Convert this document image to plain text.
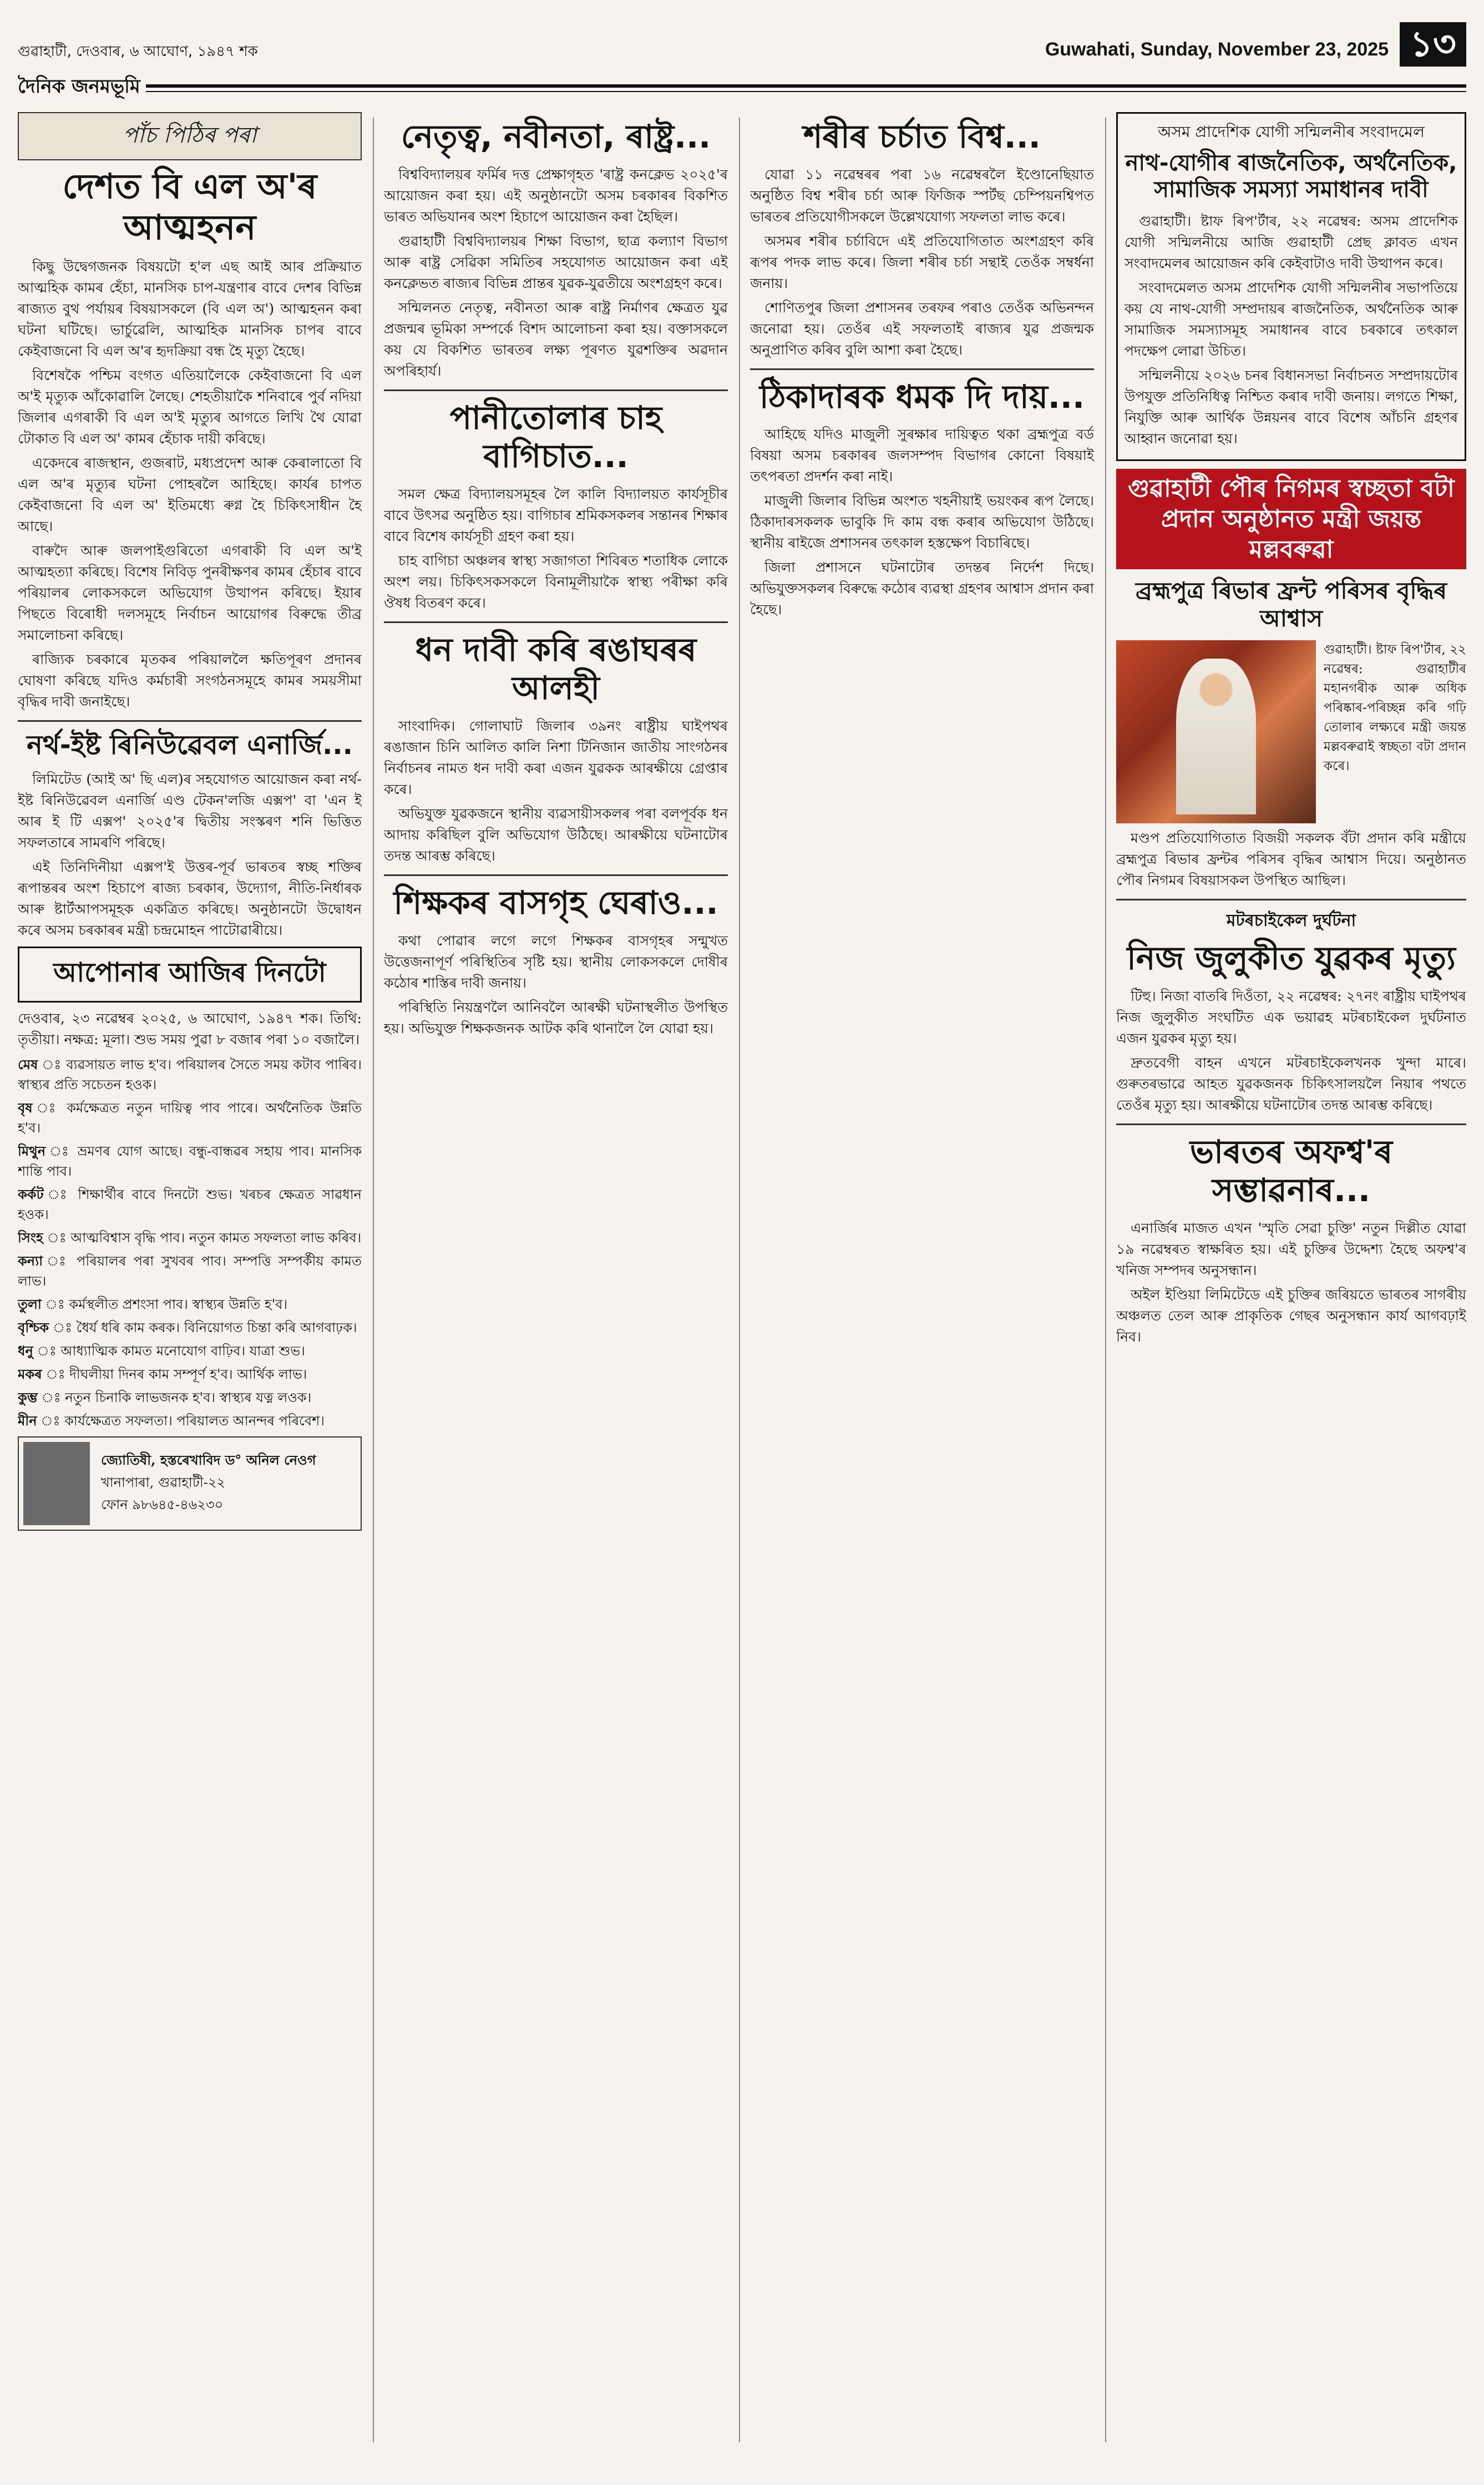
গুৱাহাটী, দেওবাৰ, ৬ আঘোণ, ১৯৪৭ শক	Guwahati, Sunday, November 23, 2025 ১৩
দৈনিক জনমভূমি
পাঁচ পিঠিৰ পৰা
দেশত বি এল অ'ৰ আত্মহনন

কিছু উদ্বেগজনক বিষয়টো হ'ল এছ আই আৰ প্ৰক্ৰিয়াত আত্মহিক কামৰ হেঁচা, মানসিক চাপ-যন্ত্ৰণাৰ বাবে দেশৰ বিভিন্ন ৰাজ্যত বুথ পৰ্যায়ৰ বিষয়াসকলে (বি এল অ') আত্মহনন কৰা ঘটনা ঘটিছে। ভাৰ্চুৱেলি, আত্মহিক মানসিক চাপৰ বাবে কেইবাজনো বি এল অ'ৰ হৃদক্ৰিয়া বন্ধ হৈ মৃত্যু হৈছে।

বিশেষকৈ পশ্চিম বংগত এতিয়ালৈকে কেইবাজনো বি এল অ'ই মৃত্যুক আঁকোৱালি লৈছে। শেহতীয়াকৈ শনিবাৰে পুৰ্ব নদিয়া জিলাৰ এগৰাকী বি এল অ'ই মৃত্যুৰ আগতে লিখি থৈ যোৱা টোকাত বি এল অ' কামৰ হেঁচাক দায়ী কৰিছে।

একেদৰে ৰাজস্থান, গুজৰাট, মধ্যপ্ৰদেশ আৰু কেৰালাতো বি এল অ'ৰ মৃত্যুৰ ঘটনা পোহৰলৈ আহিছে। কাৰ্যৰ চাপত কেইবাজনো বি এল অ' ইতিমধ্যে ৰুগ্ন হৈ চিকিৎসাধীন হৈ আছে।

বাৰুদৈ আৰু জলপাইগুৰিতো এগৰাকী বি এল অ'ই আত্মহত্যা কৰিছে। বিশেষ নিবিড় পুনৰীক্ষণৰ কামৰ হেঁচাৰ বাবে পৰিয়ালৰ লোকসকলে অভিযোগ উত্থাপন কৰিছে। ইয়াৰ পিছতে বিৰোধী দলসমূহে নিৰ্বাচন আয়োগৰ বিৰুদ্ধে তীব্ৰ সমালোচনা কৰিছে।

ৰাজ্যিক চৰকাৰে মৃতকৰ পৰিয়াললৈ ক্ষতিপূৰণ প্ৰদানৰ ঘোষণা কৰিছে যদিও কৰ্মচাৰী সংগঠনসমূহে কামৰ সময়সীমা বৃদ্ধিৰ দাবী জনাইছে।

নৰ্থ-ইষ্ট ৰিনিউৱেবল এনাৰ্জি...

লিমিটেড (আই অ' ছি এল)ৰ সহযোগত আয়োজন কৰা নৰ্থ-ইষ্ট ৰিনিউৱেবল এনাৰ্জি এণ্ড টেকন'লজি এক্সপ' বা 'এন ই আৰ ই টি এক্সপ' ২০২৫'ৰ দ্বিতীয় সংস্কৰণ শনি ভিত্তিত সফলতাৰে সামৰণি পৰিছে।

এই তিনিদিনীয়া এক্সপ'ই উত্তৰ-পূৰ্ব ভাৰতৰ স্বচ্ছ শক্তিৰ ৰূপান্তৰৰ অংশ হিচাপে ৰাজ্য চৰকাৰ, উদ্যোগ, নীতি-নিৰ্ধাৰক আৰু ষ্টাৰ্টআপসমূহক একত্ৰিত কৰিছে। অনুষ্ঠানটো উদ্বোধন কৰে অসম চৰকাৰৰ মন্ত্ৰী চন্দ্ৰমোহন পাটোৱাৰীয়ে।

আপোনাৰ আজিৰ দিনটো
দেওবাৰ, ২৩ নৱেম্বৰ ২০২৫, ৬ আঘোণ, ১৯৪৭ শক। তিথি: তৃতীয়া। নক্ষত্ৰ: মূলা। শুভ সময় পুৱা ৮ বজাৰ পৰা ১০ বজালৈ।
মেষ ঃ ব্যৱসায়ত লাভ হ'ব। পৰিয়ালৰ সৈতে সময় কটাব পাৰিব। স্বাস্থ্যৰ প্ৰতি সচেতন হওক।
বৃষ ঃ কৰ্মক্ষেত্ৰত নতুন দায়িত্ব পাব পাৰে। অৰ্থনৈতিক উন্নতি হ'ব।
মিথুন ঃ ভ্ৰমণৰ যোগ আছে। বন্ধু-বান্ধৱৰ সহায় পাব। মানসিক শান্তি পাব।
কৰ্কট ঃ শিক্ষাৰ্থীৰ বাবে দিনটো শুভ। খৰচৰ ক্ষেত্ৰত সাৱধান হওক।
সিংহ ঃ আত্মবিশ্বাস বৃদ্ধি পাব। নতুন কামত সফলতা লাভ কৰিব।
কন্যা ঃ পৰিয়ালৰ পৰা সুখবৰ পাব। সম্পত্তি সম্পৰ্কীয় কামত লাভ।
তুলা ঃ কৰ্মস্থলীত প্ৰশংসা পাব। স্বাস্থ্যৰ উন্নতি হ'ব।
বৃশ্চিক ঃ ধৈৰ্য ধৰি কাম কৰক। বিনিয়োগত চিন্তা কৰি আগবাঢ়ক।
ধনু ঃ আধ্যাত্মিক কামত মনোযোগ বাঢ়িব। যাত্ৰা শুভ।
মকৰ ঃ দীঘলীয়া দিনৰ কাম সম্পূৰ্ণ হ'ব। আৰ্থিক লাভ।
কুম্ভ ঃ নতুন চিনাকি লাভজনক হ'ব। স্বাস্থ্যৰ যত্ন লওক।
মীন ঃ কাৰ্যক্ষেত্ৰত সফলতা। পৰিয়ালত আনন্দৰ পৰিবেশ।
জ্যোতিষী, হস্তৰেখাবিদ ড° অনিল নেওগ
খানাপাৰা, গুৱাহাটী-২২
ফোন ৯৮৬৪৫-৪৬২৩০
নেতৃত্ব, নবীনতা, ৰাষ্ট্ৰ...

বিশ্ববিদ্যালয়ৰ ফৰ্মিৰ দত্ত প্ৰেক্ষাগৃহত 'ৰাষ্ট্ৰ কনক্লেভ ২০২৫'ৰ আয়োজন কৰা হয়। এই অনুষ্ঠানটো অসম চৰকাৰৰ বিকশিত ভাৰত অভিযানৰ অংশ হিচাপে আয়োজন কৰা হৈছিল।

গুৱাহাটী বিশ্ববিদ্যালয়ৰ শিক্ষা বিভাগ, ছাত্ৰ কল্যাণ বিভাগ আৰু ৰাষ্ট্ৰ সেৱিকা সমিতিৰ সহযোগত আয়োজন কৰা এই কনক্লেভত ৰাজ্যৰ বিভিন্ন প্ৰান্তৰ যুৱক-যুৱতীয়ে অংশগ্ৰহণ কৰে।

সন্মিলনত নেতৃত্ব, নবীনতা আৰু ৰাষ্ট্ৰ নিৰ্মাণৰ ক্ষেত্ৰত যুৱ প্ৰজন্মৰ ভূমিকা সম্পৰ্কে বিশদ আলোচনা কৰা হয়। বক্তাসকলে কয় যে বিকশিত ভাৰতৰ লক্ষ্য পূৰণত যুৱশক্তিৰ অৱদান অপৰিহাৰ্য।

পানীতোলাৰ চাহ বাগিচাত...

সমল ক্ষেত্ৰ বিদ্যালয়সমূহৰ লৈ কালি বিদ্যালয়ত কাৰ্যসূচীৰ বাবে উৎসৱ অনুষ্ঠিত হয়। বাগিচাৰ শ্ৰমিকসকলৰ সন্তানৰ শিক্ষাৰ বাবে বিশেষ কাৰ্যসূচী গ্ৰহণ কৰা হয়।

চাহ বাগিচা অঞ্চলৰ স্বাস্থ্য সজাগতা শিবিৰত শতাধিক লোকে অংশ লয়। চিকিৎসকসকলে বিনামূলীয়াকৈ স্বাস্থ্য পৰীক্ষা কৰি ঔষধ বিতৰণ কৰে।

ধন দাবী কৰি ৰঙাঘৰৰ আলহী

সাংবাদিক। গোলাঘাট জিলাৰ ৩৯নং ৰাষ্ট্ৰীয় ঘাইপথৰ ৰঙাজান চিনি আলিত কালি নিশা টিনিজান জাতীয় সাংগঠনৰ নিৰ্বাচনৰ নামত ধন দাবী কৰা এজন যুৱকক আৰক্ষীয়ে গ্ৰেপ্তাৰ কৰে।

অভিযুক্ত যুৱকজনে স্থানীয় ব্যৱসায়ীসকলৰ পৰা বলপূৰ্বক ধন আদায় কৰিছিল বুলি অভিযোগ উঠিছে। আৰক্ষীয়ে ঘটনাটোৰ তদন্ত আৰম্ভ কৰিছে।

শিক্ষকৰ বাসগৃহ ঘেৰাও...

কথা পোৱাৰ লগে লগে শিক্ষকৰ বাসগৃহৰ সন্মুখত উত্তেজনাপূৰ্ণ পৰিস্থিতিৰ সৃষ্টি হয়। স্থানীয় লোকসকলে দোষীৰ কঠোৰ শাস্তিৰ দাবী জনায়।

পৰিস্থিতি নিয়ন্ত্ৰণলৈ আনিবলৈ আৰক্ষী ঘটনাস্থলীত উপস্থিত হয়। অভিযুক্ত শিক্ষকজনক আটক কৰি থানালৈ লৈ যোৱা হয়।

শৰীৰ চৰ্চাত বিশ্ব...

যোৱা ১১ নৱেম্বৰৰ পৰা ১৬ নৱেম্বৰলৈ ইণ্ডোনেছিয়াত অনুষ্ঠিত বিশ্ব শৰীৰ চৰ্চা আৰু ফিজিক স্পৰ্টছ চেম্পিয়নশ্বিপত ভাৰতৰ প্ৰতিযোগীসকলে উল্লেখযোগ্য সফলতা লাভ কৰে।

অসমৰ শৰীৰ চৰ্চাবিদে এই প্ৰতিযোগিতাত অংশগ্ৰহণ কৰি ৰূপৰ পদক লাভ কৰে। জিলা শৰীৰ চৰ্চা সন্থাই তেওঁক সম্বৰ্ধনা জনায়।

শোণিতপুৰ জিলা প্ৰশাসনৰ তৰফৰ পৰাও তেওঁক অভিনন্দন জনোৱা হয়। তেওঁৰ এই সফলতাই ৰাজ্যৰ যুৱ প্ৰজন্মক অনুপ্ৰাণিত কৰিব বুলি আশা কৰা হৈছে।

ঠিকাদাৰক ধমক দি দায়...

আহিছে যদিও মাজুলী সুৰক্ষাৰ দায়িত্বত থকা ব্ৰহ্মপুত্ৰ বৰ্ড বিষয়া অসম চৰকাৰৰ জলসম্পদ বিভাগৰ কোনো বিষয়াই তৎপৰতা প্ৰদৰ্শন কৰা নাই।

মাজুলী জিলাৰ বিভিন্ন অংশত খহনীয়াই ভয়ংকৰ ৰূপ লৈছে। ঠিকাদাৰসকলক ভাবুকি দি কাম বন্ধ কৰাৰ অভিযোগ উঠিছে। স্থানীয় ৰাইজে প্ৰশাসনৰ তৎকাল হস্তক্ষেপ বিচাৰিছে।

জিলা প্ৰশাসনে ঘটনাটোৰ তদন্তৰ নিৰ্দেশ দিছে। অভিযুক্তসকলৰ বিৰুদ্ধে কঠোৰ ব্যৱস্থা গ্ৰহণৰ আশ্বাস প্ৰদান কৰা হৈছে।

অসম প্ৰাদেশিক যোগী সন্মিলনীৰ সংবাদমেল
নাথ-যোগীৰ ৰাজনৈতিক, অৰ্থনৈতিক, সামাজিক সমস্যা সমাধানৰ দাবী

গুৱাহাটী। ষ্টাফ ৰিপ'ৰ্টাৰ, ২২ নৱেম্বৰ: অসম প্ৰাদেশিক যোগী সন্মিলনীয়ে আজি গুৱাহাটী প্ৰেছ ক্লাবত এখন সংবাদমেলৰ আয়োজন কৰি কেইবাটাও দাবী উত্থাপন কৰে।

সংবাদমেলত অসম প্ৰাদেশিক যোগী সন্মিলনীৰ সভাপতিয়ে কয় যে নাথ-যোগী সম্প্ৰদায়ৰ ৰাজনৈতিক, অৰ্থনৈতিক আৰু সামাজিক সমস্যাসমূহ সমাধানৰ বাবে চৰকাৰে তৎকাল পদক্ষেপ লোৱা উচিত।

সন্মিলনীয়ে ২০২৬ চনৰ বিধানসভা নিৰ্বাচনত সম্প্ৰদায়টোৰ উপযুক্ত প্ৰতিনিধিত্ব নিশ্চিত কৰাৰ দাবী জনায়। লগতে শিক্ষা, নিযুক্তি আৰু আৰ্থিক উন্নয়নৰ বাবে বিশেষ আঁচনি গ্ৰহণৰ আহ্বান জনোৱা হয়।

গুৱাহাটী পৌৰ নিগমৰ স্বচ্ছতা বটা প্ৰদান অনুষ্ঠানত মন্ত্ৰী জয়ন্ত মল্লবৰুৱা
ব্ৰহ্মপুত্ৰ ৰিভাৰ ফ্ৰন্ট পৰিসৰ বৃদ্ধিৰ আশ্বাস
গুৱাহাটী। ষ্টাফ ৰিপ'ৰ্টাৰ, ২২ নৱেম্বৰ: গুৱাহাটীৰ মহানগৰীক আৰু অধিক পৰিষ্কাৰ-পৰিচ্ছন্ন কৰি গঢ়ি তোলাৰ লক্ষ্যৰে মন্ত্ৰী জয়ন্ত মল্লবৰুৱাই স্বচ্ছতা বটা প্ৰদান কৰে।

মণ্ডপ প্ৰতিযোগিতাত বিজয়ী সকলক বঁটা প্ৰদান কৰি মন্ত্ৰীয়ে ব্ৰহ্মপুত্ৰ ৰিভাৰ ফ্ৰন্টৰ পৰিসৰ বৃদ্ধিৰ আশ্বাস দিয়ে। অনুষ্ঠানত পৌৰ নিগমৰ বিষয়াসকল উপস্থিত আছিল।

মটৰচাইকেল দুৰ্ঘটনা
নিজ জুলুকীত যুৱকৰ মৃত্যু

টিহু। নিজা বাতৰি দিওঁতা, ২২ নৱেম্বৰ: ২৭নং ৰাষ্ট্ৰীয় ঘাইপথৰ নিজ জুলুকীত সংঘটিত এক ভয়াৱহ মটৰচাইকেল দুৰ্ঘটনাত এজন যুৱকৰ মৃত্যু হয়।

দ্ৰুতবেগী বাহন এখনে মটৰচাইকেলখনক খুন্দা মাৰে। গুৰুতৰভাৱে আহত যুৱকজনক চিকিৎসালয়লৈ নিয়াৰ পথতে তেওঁৰ মৃত্যু হয়। আৰক্ষীয়ে ঘটনাটোৰ তদন্ত আৰম্ভ কৰিছে।

ভাৰতৰ অফশ্ব'ৰ সম্ভাৱনাৰ...

এনাৰ্জিৰ মাজত এখন 'স্মৃতি সেৱা চুক্তি' নতুন দিল্লীত যোৱা ১৯ নৱেম্বৰত স্বাক্ষৰিত হয়। এই চুক্তিৰ উদ্দেশ্য হৈছে অফশ্ব'ৰ খনিজ সম্পদৰ অনুসন্ধান।

অইল ইণ্ডিয়া লিমিটেডে এই চুক্তিৰ জৰিয়তে ভাৰতৰ সাগৰীয় অঞ্চলত তেল আৰু প্ৰাকৃতিক গেছৰ অনুসন্ধান কাৰ্য আগবঢ়াই নিব।
